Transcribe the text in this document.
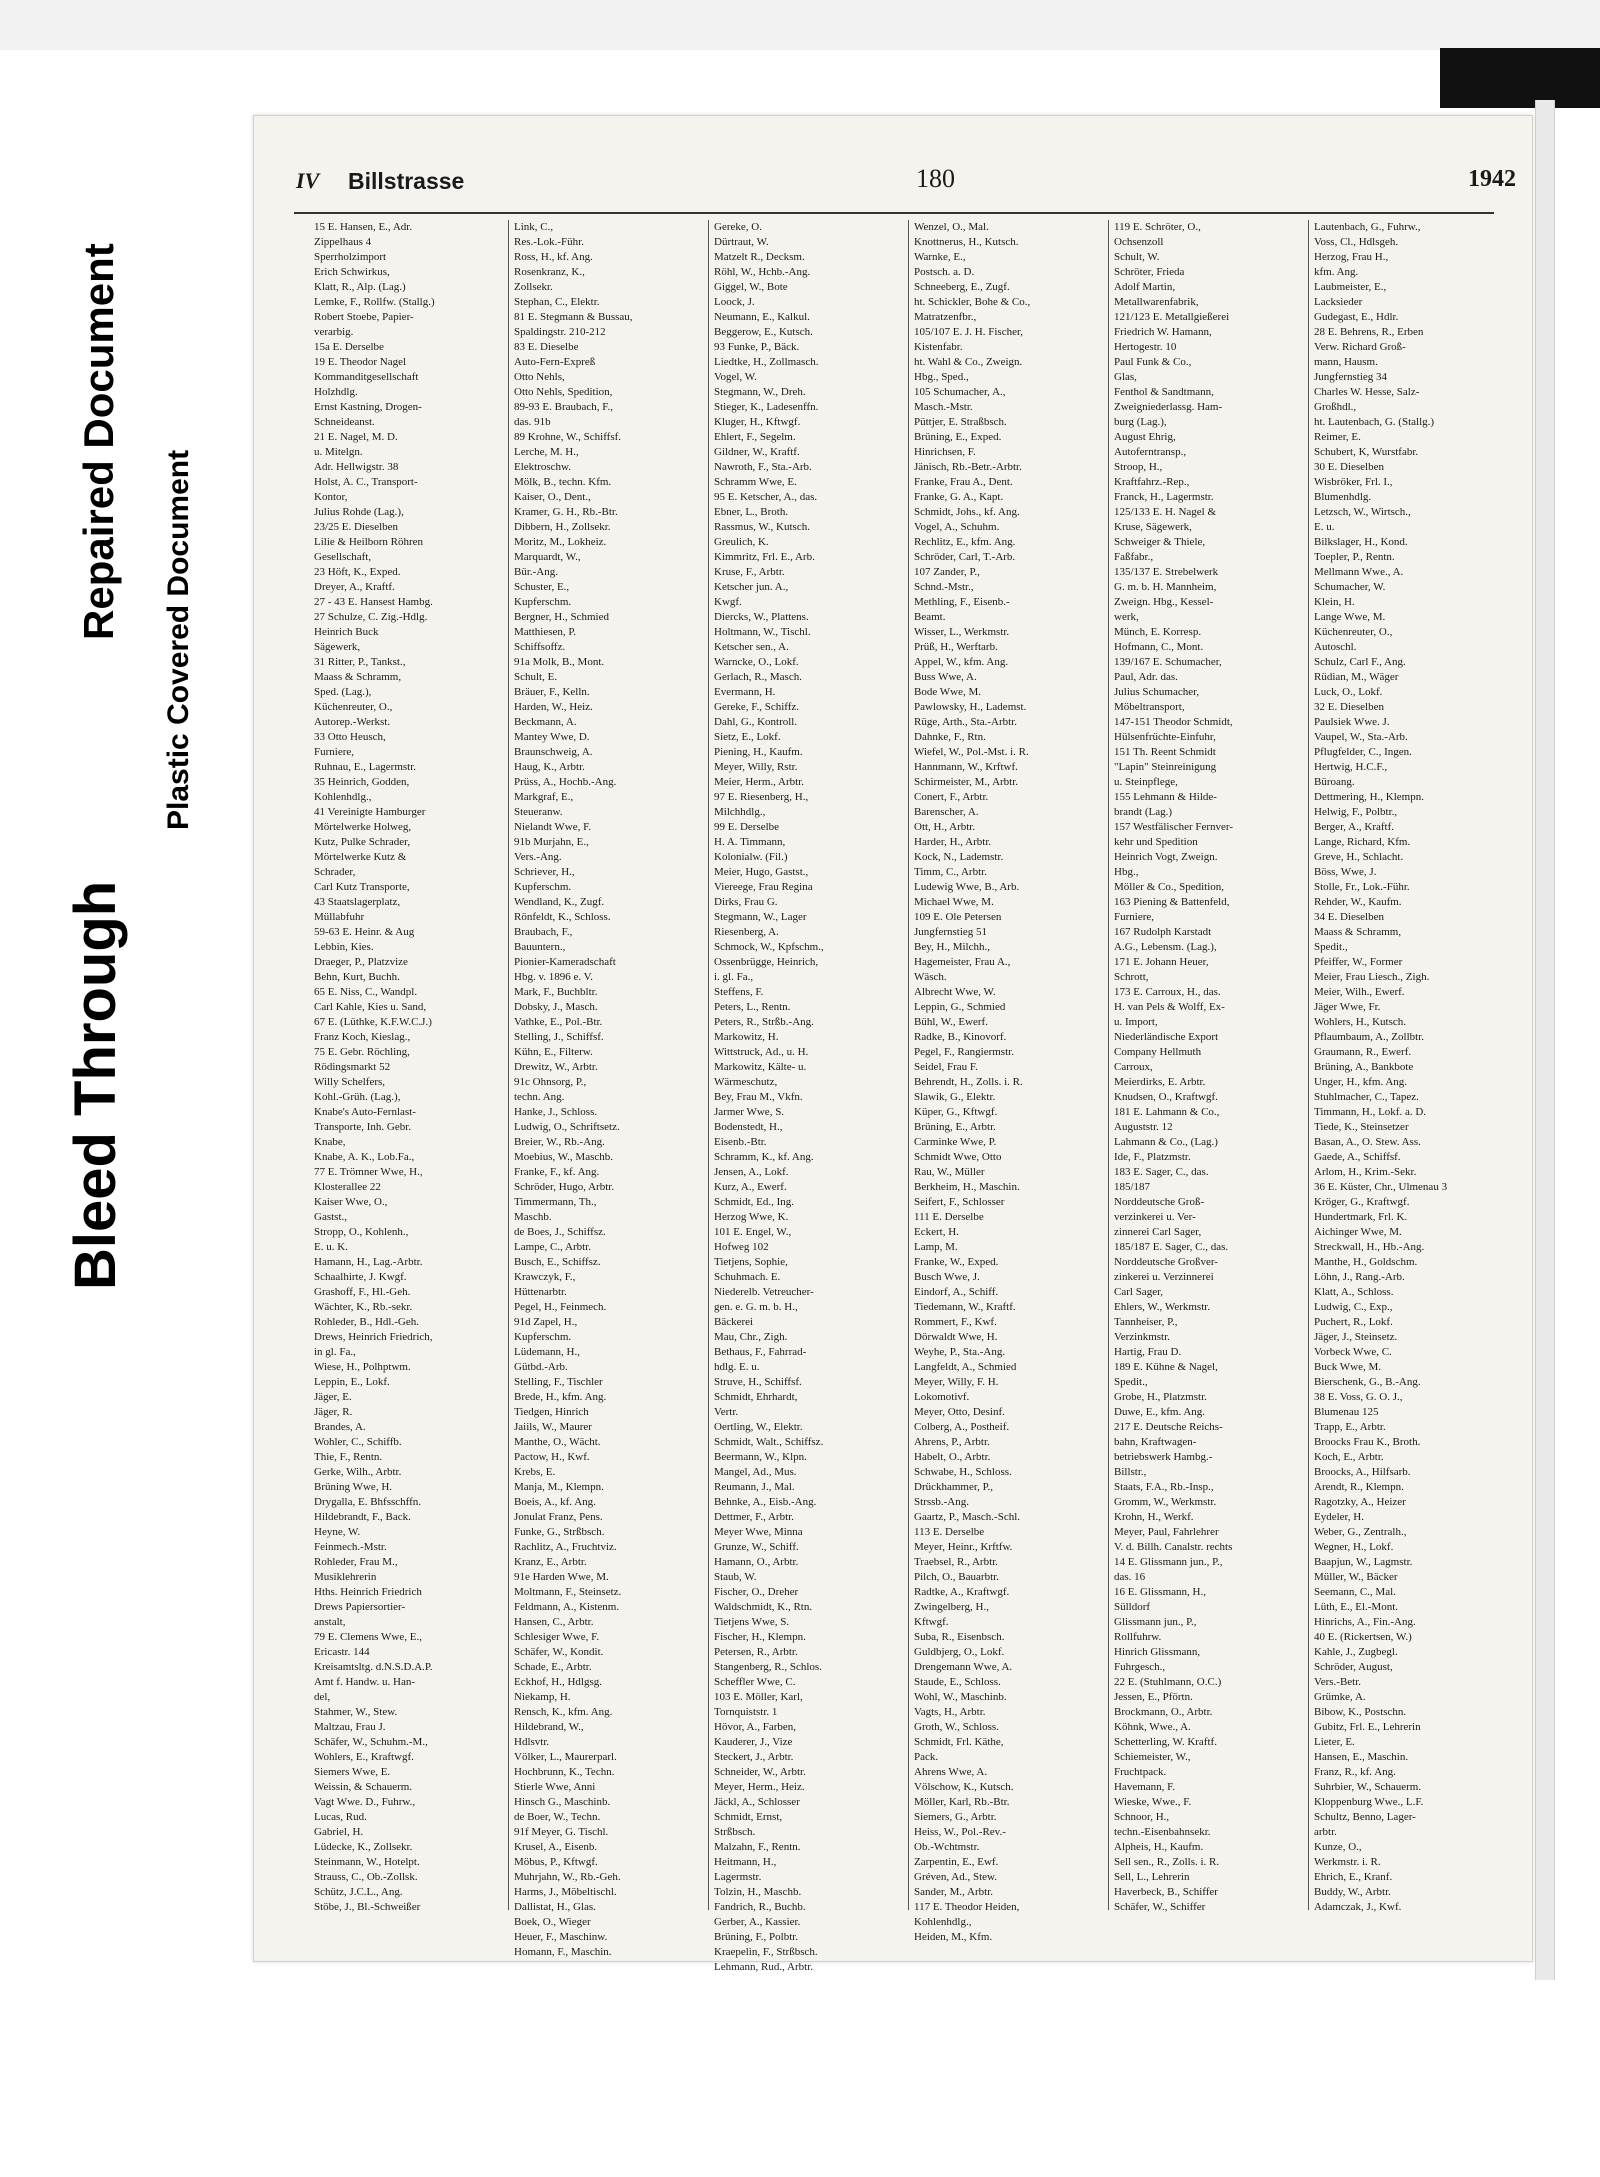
Bleed Through
Repaired Document Plastic Covered Document
IV Billstrasse	180	1942
15 E. Hansen, E., Adr.
Zippelhaus 4
Sperrholzimport
Erich Schwirkus,
Klatt, R., Alp. (Lag.)
Lemke, F., Rollfw. (Stallg.)
Robert Stoebe, Papier-
verarbig.
15a E. Derselbe
19 E. Theodor Nagel
Kommanditgesellschaft
Holzhdlg.
Ernst Kastning, Drogen-
Schneideanst.
21 E. Nagel, M. D.
u. Mitelgn.
Adr. Hellwigstr. 38
Holst, A. C., Transport-
Kontor,
Julius Rohde (Lag.),
23/25 E. Dieselben
Lilie & Heilborn Röhren
Gesellschaft,
23 Höft, K., Exped.
Dreyer, A., Kraftf.
27 - 43 E. Hansest Hambg.
27 Schulze, C. Zig.-Hdlg.
Heinrich Buck
Sägewerk,
31 Ritter, P., Tankst.,
Maass & Schramm,
Sped. (Lag.),
Küchenreuter, O.,
Autorep.-Werkst.
33 Otto Heusch,
Furniere,
Ruhnau, E., Lagermstr.
35 Heinrich, Godden,
Kohlenhdlg.,
41 Vereinigte Hamburger
Mörtelwerke Holweg,
Kutz, Pulke Schrader,
Mörtelwerke Kutz &
Schrader,
Carl Kutz Transporte,
43 Staatslagerplatz,
Müllabfuhr
59-63 E. Heinr. & Aug
Lebbin, Kies.
Draeger, P., Platzvize
Behn, Kurt, Buchh.
65 E. Niss, C., Wandpl.
Carl Kahle, Kies u. Sand,
67 E. (Lüthke, K.F.W.C.J.)
Franz Koch, Kieslag.,
75 E. Gebr. Röchling,
Rödingsmarkt 52
Willy Schelfers,
Kohl.-Grüh. (Lag.),
Knabe's Auto-Fernlast-
Transporte, Inh. Gebr.
Knabe,
Knabe, A. K., Lob.Fa.,
77 E. Trömner Wwe, H.,
Klosterallee 22
Kaiser Wwe, O.,
Gastst.,
Stropp, O., Kohlenh.,
E. u. K.
Hamann, H., Lag.-Arbtr.
Schaalhirte, J. Kwgf.
Grashoff, F., Hl.-Geh.
Wächter, K., Rb.-sekr.
Rohleder, B., Hdl.-Geh.
Drews, Heinrich Friedrich,
in gl. Fa.,
Wiese, H., Polhptwm.
Leppin, E., Lokf.
Jäger, E.
Jäger, R.
Brandes, A.
Wohler, C., Schiffb.
Thie, F., Rentn.
Gerke, Wilh., Arbtr.
Brüning Wwe, H.
Drygalla, E. Bhfsschffn.
Hildebrandt, F., Back.
Heyne, W.
Feinmech.-Mstr.
Rohleder, Frau M.,
Musiklehrerin
Hths. Heinrich Friedrich
Drews Papiersortier-
anstalt,
79 E. Clemens Wwe, E.,
Ericastr. 144
Kreisamtsltg. d.N.S.D.A.P.
Amt f. Handw. u. Han-
del,
Stahmer, W., Stew.
Maltzau, Frau J.
Schäfer, W., Schuhm.-M.,
Wohlers, E., Kraftwgf.
Siemers Wwe, E.
Weissin, & Schauerm.
Vagt Wwe. D., Fuhrw.,
Lucas, Rud.
Gabriel, H.
Lüdecke, K., Zollsekr.
Steinmann, W., Hotelpt.
Strauss, C., Ob.-Zollsk.
Schütz, J.C.L., Ang.
Stöbe, J., Bl.-Schweißer
Link, C.,
Res.-Lok.-Führ.
Ross, H., kf. Ang.
Rosenkranz, K.,
Zollsekr.
Stephan, C., Elektr.
81 E. Stegmann & Bussau,
Spaldingstr. 210-212
83 E. Dieselbe
Auto-Fern-Expreß
Otto Nehls,
Otto Nehls, Spedition,
89-93 E. Braubach, F.,
das. 91b
89 Krohne, W., Schiffsf.
Lerche, M. H.,
Elektroschw.
Mölk, B., techn. Kfm.
Kaiser, O., Dent.,
Kramer, G. H., Rb.-Btr.
Dibbern, H., Zollsekr.
Moritz, M., Lokheiz.
Marquardt, W.,
Bür.-Ang.
Schuster, E.,
Kupferschm.
Bergner, H., Schmied
Matthiesen, P.
Schiffsoffz.
91a Molk, B., Mont.
Schult, E.
Bräuer, F., Kelln.
Harden, W., Heiz.
Beckmann, A.
Mantey Wwe, D.
Braunschweig, A.
Haug, K., Arbtr.
Prüss, A., Hochb.-Ang.
Markgraf, E.,
Steueranw.
Nielandt Wwe, F.
91b Murjahn, E.,
Vers.-Ang.
Schriever, H.,
Kupferschm.
Wendland, K., Zugf.
Rönfeldt, K., Schloss.
Braubach, F.,
Bauuntern.,
Pionier-Kameradschaft
Hbg. v. 1896 e. V.
Mark, F., Buchbltr.
Dobsky, J., Masch.
Vathke, E., Pol.-Btr.
Stelling, J., Schiffsf.
Kühn, E., Filterw.
Drewitz, W., Arbtr.
91c Ohnsorg, P.,
techn. Ang.
Hanke, J., Schloss.
Ludwig, O., Schriftsetz.
Breier, W., Rb.-Ang.
Moebius, W., Maschb.
Franke, F., kf. Ang.
Schröder, Hugo, Arbtr.
Timmermann, Th.,
Maschb.
de Boes, J., Schiffsz.
Lampe, C., Arbtr.
Busch, E., Schiffsz.
Krawczyk, F.,
Hüttenarbtr.
Pegel, H., Feinmech.
91d Zapel, H.,
Kupferschm.
Lüdemann, H.,
Gütbd.-Arb.
Stelling, F., Tischler
Brede, H., kfm. Ang.
Tiedgen, Hinrich
Jaiils, W., Maurer
Manthe, O., Wächt.
Pactow, H., Kwf.
Krebs, E.
Manja, M., Klempn.
Boeis, A., kf. Ang.
Jonulat Franz, Pens.
Funke, G., Strßbsch.
Rachlitz, A., Fruchtviz.
Kranz, E., Arbtr.
91e Harden Wwe, M.
Moltmann, F., Steinsetz.
Feldmann, A., Kistenm.
Hansen, C., Arbtr.
Schlesiger Wwe, F.
Schäfer, W., Kondit.
Schade, E., Arbtr.
Eckhof, H., Hdlgsg.
Niekamp, H.
Rensch, K., kfm. Ang.
Hildebrand, W.,
Hdlsvtr.
Völker, L., Maurerparl.
Hochbrunn, K., Techn.
Stierle Wwe, Anni
Hinsch G., Maschinb.
de Boer, W., Techn.
91f Meyer, G. Tischl.
Krusel, A., Eisenb.
Möbus, P., Kftwgf.
Muhrjahn, W., Rb.-Geh.
Harms, J., Möbeltischl.
Dallistat, H., Glas.
Boek, O., Wieger
Heuer, F., Maschinw.
Homann, F., Maschin.
Gereke, O.
Dürtraut, W.
Matzelt R., Decksm.
Röhl, W., Hchb.-Ang.
Giggel, W., Bote
Loock, J.
Neumann, E., Kalkul.
Beggerow, E., Kutsch.
93 Funke, P., Bäck.
Liedtke, H., Zollmasch.
Vogel, W.
Stegmann, W., Dreh.
Stieger, K., Ladesenffn.
Kluger, H., Kftwgf.
Ehlert, F., Segelm.
Gildner, W., Kraftf.
Nawroth, F., Sta.-Arb.
Schramm Wwe, E.
95 E. Ketscher, A., das.
Ebner, L., Broth.
Rassmus, W., Kutsch.
Greulich, K.
Kimmritz, Frl. E., Arb.
Kruse, F., Arbtr.
Ketscher jun. A.,
Kwgf.
Diercks, W., Plattens.
Holtmann, W., Tischl.
Ketscher sen., A.
Warncke, O., Lokf.
Gerlach, R., Masch.
Evermann, H.
Gereke, F., Schiffz.
Dahl, G., Kontroll.
Sietz, E., Lokf.
Piening, H., Kaufm.
Meyer, Willy, Rstr.
Meier, Herm., Arbtr.
97 E. Riesenberg, H.,
Milchhdlg.,
99 E. Derselbe
H. A. Timmann,
Kolonialw. (Fil.)
Meier, Hugo, Gastst.,
Viereege, Frau Regina
Dirks, Frau G.
Stegmann, W., Lager
Riesenberg, A.
Schmock, W., Kpfschm.,
Ossenbrügge, Heinrich,
i. gl. Fa.,
Steffens, F.
Peters, L., Rentn.
Peters, R., Strßb.-Ang.
Markowitz, H.
Wittstruck, Ad., u. H.
Markowitz, Kälte- u.
Wärmeschutz,
Bey, Frau M., Vkfn.
Jarmer Wwe, S.
Bodenstedt, H.,
Eisenb.-Btr.
Schramm, K., kf. Ang.
Jensen, A., Lokf.
Kurz, A., Ewerf.
Schmidt, Ed., Ing.
Herzog Wwe, K.
101 E. Engel, W.,
Hofweg 102
Tietjens, Sophie,
Schuhmach. E.
Niederelb. Vetreucher-
gen. e. G. m. b. H.,
Bäckerei
Mau, Chr., Zigh.
Bethaus, F., Fahrrad-
hdlg. E. u.
Struve, H., Schiffsf.
Schmidt, Ehrhardt,
Vertr.
Oertling, W., Elektr.
Schmidt, Walt., Schiffsz.
Beermann, W., Klpn.
Mangel, Ad., Mus.
Reumann, J., Mal.
Behnke, A., Eisb.-Ang.
Dettmer, F., Arbtr.
Meyer Wwe, Minna
Grunze, W., Schiff.
Hamann, O., Arbtr.
Staub, W.
Fischer, O., Dreher
Waldschmidt, K., Rtn.
Tietjens Wwe, S.
Fischer, H., Klempn.
Petersen, R., Arbtr.
Stangenberg, R., Schlos.
Scheffler Wwe, C.
103 E. Möller, Karl,
Tornquiststr. 1
Hövor, A., Farben,
Kauderer, J., Vize
Steckert, J., Arbtr.
Schneider, W., Arbtr.
Meyer, Herm., Heiz.
Jäckl, A., Schlosser
Schmidt, Ernst,
Strßbsch.
Malzahn, F., Rentn.
Heitmann, H.,
Lagermstr.
Tolzin, H., Maschb.
Fandrich, R., Buchb.
Gerber, A., Kassier.
Brüning, F., Polbtr.
Kraepelin, F., Strßbsch.
Lehmann, Rud., Arbtr.
Wenzel, O., Mal.
Knottnerus, H., Kutsch.
Warnke, E.,
Postsch. a. D.
Schneeberg, E., Zugf.
ht. Schickler, Bohe & Co.,
Matratzenfbr.,
105/107 E. J. H. Fischer,
Kistenfabr.
ht. Wahl & Co., Zweign.
Hbg., Sped.,
105 Schumacher, A.,
Masch.-Mstr.
Püttjer, E. Straßbsch.
Brüning, E., Exped.
Hinrichsen, F.
Jänisch, Rb.-Betr.-Arbtr.
Franke, Frau A., Dent.
Franke, G. A., Kapt.
Schmidt, Johs., kf. Ang.
Vogel, A., Schuhm.
Rechlitz, E., kfm. Ang.
Schröder, Carl, T.-Arb.
107 Zander, P.,
Schnd.-Mstr.,
Methling, F., Eisenb.-
Beamt.
Wisser, L., Werkmstr.
Prüß, H., Werftarb.
Appel, W., kfm. Ang.
Buss Wwe, A.
Bode Wwe, M.
Pawlowsky, H., Lademst.
Rüge, Arth., Sta.-Arbtr.
Dahnke, F., Rtn.
Wiefel, W., Pol.-Mst. i. R.
Hannmann, W., Krftwf.
Schirmeister, M., Arbtr.
Conert, F., Arbtr.
Barenscher, A.
Ott, H., Arbtr.
Harder, H., Arbtr.
Kock, N., Lademstr.
Timm, C., Arbtr.
Ludewig Wwe, B., Arb.
Michael Wwe, M.
109 E. Ole Petersen
Jungfernstieg 51
Bey, H., Milchh.,
Hagemeister, Frau A.,
Wäsch.
Albrecht Wwe, W.
Leppin, G., Schmied
Bühl, W., Ewerf.
Radke, B., Kinovorf.
Pegel, F., Rangiermstr.
Seidel, Frau F.
Behrendt, H., Zolls. i. R.
Slawik, G., Elektr.
Küper, G., Kftwgf.
Brüning, E., Arbtr.
Carminke Wwe, P.
Schmidt Wwe, Otto
Rau, W., Müller
Berkheim, H., Maschin.
Seifert, F., Schlosser
111 E. Derselbe
Eckert, H.
Lamp, M.
Franke, W., Exped.
Busch Wwe, J.
Eindorf, A., Schiff.
Tiedemann, W., Kraftf.
Rommert, F., Kwf.
Dörwaldt Wwe, H.
Weyhe, P., Sta.-Ang.
Langfeldt, A., Schmied
Meyer, Willy, F. H.
Lokomotivf.
Meyer, Otto, Desinf.
Colberg, A., Postheif.
Ahrens, P., Arbtr.
Habelt, O., Arbtr.
Schwabe, H., Schloss.
Drückhammer, P.,
Strssb.-Ang.
Gaartz, P., Masch.-Schl.
113 E. Derselbe
Meyer, Heinr., Krftfw.
Traebsel, R., Arbtr.
Pilch, O., Bauarbtr.
Radtke, A., Kraftwgf.
Zwingelberg, H.,
Kftwgf.
Suba, R., Eisenbsch.
Guldbjerg, O., Lokf.
Drengemann Wwe, A.
Staude, E., Schloss.
Wohl, W., Maschinb.
Vagts, H., Arbtr.
Groth, W., Schloss.
Schmidt, Frl. Käthe,
Pack.
Ahrens Wwe, A.
Völschow, K., Kutsch.
Möller, Karl, Rb.-Btr.
Siemers, G., Arbtr.
Heiss, W., Pol.-Rev.-
Ob.-Wchtmstr.
Zarpentin, E., Ewf.
Gréven, Ad., Stew.
Sander, M., Arbtr.
117 E. Theodor Heiden,
Kohlenhdlg.,
Heiden, M., Kfm.
119 E. Schröter, O.,
Ochsenzoll
Schult, W.
Schröter, Frieda
Adolf Martin,
Metallwarenfabrik,
121/123 E. Metallgießerei
Friedrich W. Hamann,
Hertogestr. 10
Paul Funk & Co.,
Glas,
Fenthol & Sandtmann,
Zweigniederlassg. Ham-
burg (Lag.),
August Ehrig,
Autoferntransp.,
Stroop, H.,
Kraftfahrz.-Rep.,
Franck, H., Lagermstr.
125/133 E. H. Nagel &
Kruse, Sägewerk,
Schweiger & Thiele,
Faßfabr.,
135/137 E. Strebelwerk
G. m. b. H. Mannheim,
Zweign. Hbg., Kessel-
werk,
Münch, E. Korresp.
Hofmann, C., Mont.
139/167 E. Schumacher,
Paul, Adr. das.
Julius Schumacher,
Möbeltransport,
147-151 Theodor Schmidt,
Hülsenfrüchte-Einfuhr,
151 Th. Reent Schmidt
"Lapin" Steinreinigung
u. Steinpflege,
155 Lehmann & Hilde-
brandt (Lag.)
157 Westfälischer Fernver-
kehr und Spedition
Heinrich Vogt, Zweign.
Hbg.,
Möller & Co., Spedition,
163 Piening & Battenfeld,
Furniere,
167 Rudolph Karstadt
A.G., Lebensm. (Lag.),
171 E. Johann Heuer,
Schrott,
173 E. Carroux, H., das.
H. van Pels & Wolff, Ex-
u. Import,
Niederländische Export
Company Hellmuth
Carroux,
Meierdirks, E. Arbtr.
Knudsen, O., Kraftwgf.
181 E. Lahmann & Co.,
Auguststr. 12
Lahmann & Co., (Lag.)
Ide, F., Platzmstr.
183 E. Sager, C., das.
185/187
Norddeutsche Groß-
verzinkerei u. Ver-
zinnerei Carl Sager,
185/187 E. Sager, C., das.
Norddeutsche Großver-
zinkerei u. Verzinnerei
Carl Sager,
Ehlers, W., Werkmstr.
Tannheiser, P.,
Verzinkmstr.
Hartig, Frau D.
189 E. Kühne & Nagel,
Spedit.,
Grobe, H., Platzmstr.
Duwe, E., kfm. Ang.
217 E. Deutsche Reichs-
bahn, Kraftwagen-
betriebswerk Hambg.-
Billstr.,
Staats, F.A., Rb.-Insp.,
Gromm, W., Werkmstr.
Krohn, H., Werkf.
Meyer, Paul, Fahrlehrer
V. d. Billh. Canalstr. rechts
14 E. Glissmann jun., P.,
das. 16
16 E. Glissmann, H.,
Sülldorf
Glissmann jun., P.,
Rollfuhrw.
Hinrich Glissmann,
Fuhrgesch.,
22 E. (Stuhlmann, O.C.)
Jessen, E., Pförtn.
Brockmann, O., Arbtr.
Köhnk, Wwe., A.
Schetterling, W. Kraftf.
Schiemeister, W.,
Fruchtpack.
Havemann, F.
Wieske, Wwe., F.
Schnoor, H.,
techn.-Eisenbahnsekr.
Alpheis, H., Kaufm.
Sell sen., R., Zolls. i. R.
Sell, L., Lehrerin
Haverbeck, B., Schiffer
Schäfer, W., Schiffer
Lautenbach, G., Fuhrw.,
Voss, Cl., Hdlsgeh.
Herzog, Frau H.,
kfm. Ang.
Laubmeister, E.,
Lacksieder
Gudegast, E., Hdlr.
28 E. Behrens, R., Erben
Verw. Richard Groß-
mann, Hausm.
Jungfernstieg 34
Charles W. Hesse, Salz-
Großhdl.,
ht. Lautenbach, G. (Stallg.)
Reimer, E.
Schubert, K, Wurstfabr.
30 E. Dieselben
Wisbröker, Frl. I.,
Blumenhdlg.
Letzsch, W., Wirtsch.,
E. u.
Bilkslager, H., Kond.
Toepler, P., Rentn.
Mellmann Wwe., A.
Schumacher, W.
Klein, H.
Lange Wwe, M.
Küchenreuter, O.,
Autoschl.
Schulz, Carl F., Ang.
Rüdian, M., Wäger
Luck, O., Lokf.
32 E. Dieselben
Paulsiek Wwe. J.
Vaupel, W., Sta.-Arb.
Pflugfelder, C., Ingen.
Hertwig, H.C.F.,
Büroang.
Dettmering, H., Klempn.
Helwig, F., Polbtr.,
Berger, A., Kraftf.
Lange, Richard, Kfm.
Greve, H., Schlacht.
Böss, Wwe, J.
Stolle, Fr., Lok.-Führ.
Rehder, W., Kaufm.
34 E. Dieselben
Maass & Schramm,
Spedit.,
Pfeiffer, W., Former
Meier, Frau Liesch., Zigh.
Meier, Wilh., Ewerf.
Jäger Wwe, Fr.
Wohlers, H., Kutsch.
Pflaumbaum, A., Zollbtr.
Graumann, R., Ewerf.
Brüning, A., Bankbote
Unger, H., kfm. Ang.
Stuhlmacher, C., Tapez.
Timmann, H., Lokf. a. D.
Tiede, K., Steinsetzer
Basan, A., O. Stew. Ass.
Gaede, A., Schiffsf.
Arlom, H., Krim.-Sekr.
36 E. Küster, Chr., Ulmenau 3
Kröger, G., Kraftwgf.
Hundertmark, Frl. K.
Aichinger Wwe, M.
Streckwall, H., Hb.-Ang.
Manthe, H., Goldschm.
Löhn, J., Rang.-Arb.
Klatt, A., Schloss.
Ludwig, C., Exp.,
Puchert, R., Lokf.
Jäger, J., Steinsetz.
Vorbeck Wwe, C.
Buck Wwe, M.
Bierschenk, G., B.-Ang.
38 E. Voss, G. O. J.,
Blumenau 125
Trapp, E., Arbtr.
Broocks Frau K., Broth.
Koch, E., Arbtr.
Broocks, A., Hilfsarb.
Arendt, R., Klempn.
Ragotzky, A., Heizer
Eydeler, H.
Weber, G., Zentralh.,
Wegner, H., Lokf.
Baapjun, W., Lagmstr.
Müller, W., Bäcker
Seemann, C., Mal.
Lüth, E., El.-Mont.
Hinrichs, A., Fin.-Ang.
40 E. (Rickertsen, W.)
Kahle, J., Zugbegl.
Schröder, August,
Vers.-Betr.
Grümke, A.
Bibow, K., Postschn.
Gubitz, Frl. E., Lehrerin
Lieter, E.
Hansen, E., Maschin.
Franz, R., kf. Ang.
Suhrbier, W., Schauerm.
Kloppenburg Wwe., L.F.
Schultz, Benno, Lager-
arbtr.
Kunze, O.,
Werkmstr. i. R.
Ehrich, E., Kranf.
Buddy, W., Arbtr.
Adamczak, J., Kwf.
